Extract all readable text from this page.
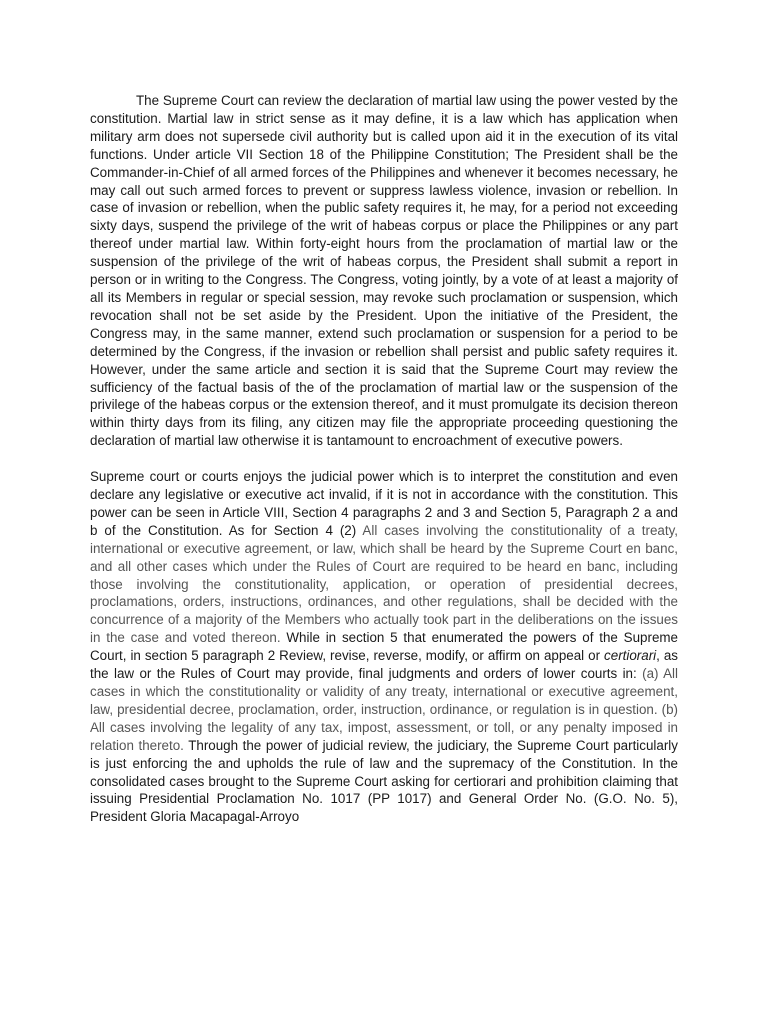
The Supreme Court can review the declaration of martial law using the power vested by the constitution. Martial law in strict sense as it may define, it is a law which has application when military arm does not supersede civil authority but is called upon aid it in the execution of its vital functions. Under article VII Section 18 of the Philippine Constitution; The President shall be the Commander-in-Chief of all armed forces of the Philippines and whenever it becomes necessary, he may call out such armed forces to prevent or suppress lawless violence, invasion or rebellion. In case of invasion or rebellion, when the public safety requires it, he may, for a period not exceeding sixty days, suspend the privilege of the writ of habeas corpus or place the Philippines or any part thereof under martial law. Within forty-eight hours from the proclamation of martial law or the suspension of the privilege of the writ of habeas corpus, the President shall submit a report in person or in writing to the Congress. The Congress, voting jointly, by a vote of at least a majority of all its Members in regular or special session, may revoke such proclamation or suspension, which revocation shall not be set aside by the President. Upon the initiative of the President, the Congress may, in the same manner, extend such proclamation or suspension for a period to be determined by the Congress, if the invasion or rebellion shall persist and public safety requires it. However, under the same article and section it is said that the Supreme Court may review the sufficiency of the factual basis of the of the proclamation of martial law or the suspension of the privilege of the habeas corpus or the extension thereof, and it must promulgate its decision thereon within thirty days from its filing, any citizen may file the appropriate proceeding questioning the declaration of martial law otherwise it is tantamount to encroachment of executive powers.

Supreme court or courts enjoys the judicial power which is to interpret the constitution and even declare any legislative or executive act invalid, if it is not in accordance with the constitution. This power can be seen in Article VIII, Section 4 paragraphs 2 and 3 and Section 5, Paragraph 2 a and b of the Constitution. As for Section 4 (2) All cases involving the constitutionality of a treaty, international or executive agreement, or law, which shall be heard by the Supreme Court en banc, and all other cases which under the Rules of Court are required to be heard en banc, including those involving the constitutionality, application, or operation of presidential decrees, proclamations, orders, instructions, ordinances, and other regulations, shall be decided with the concurrence of a majority of the Members who actually took part in the deliberations on the issues in the case and voted thereon. While in section 5 that enumerated the powers of the Supreme Court, in section 5 paragraph 2 Review, revise, reverse, modify, or affirm on appeal or certiorari, as the law or the Rules of Court may provide, final judgments and orders of lower courts in: (a) All cases in which the constitutionality or validity of any treaty, international or executive agreement, law, presidential decree, proclamation, order, instruction, ordinance, or regulation is in question. (b) All cases involving the legality of any tax, impost, assessment, or toll, or any penalty imposed in relation thereto. Through the power of judicial review, the judiciary, the Supreme Court particularly is just enforcing the and upholds the rule of law and the supremacy of the Constitution. In the consolidated cases brought to the Supreme Court asking for certiorari and prohibition claiming that issuing Presidential Proclamation No. 1017 (PP 1017) and General Order No. (G.O. No. 5), President Gloria Macapagal-Arroyo
